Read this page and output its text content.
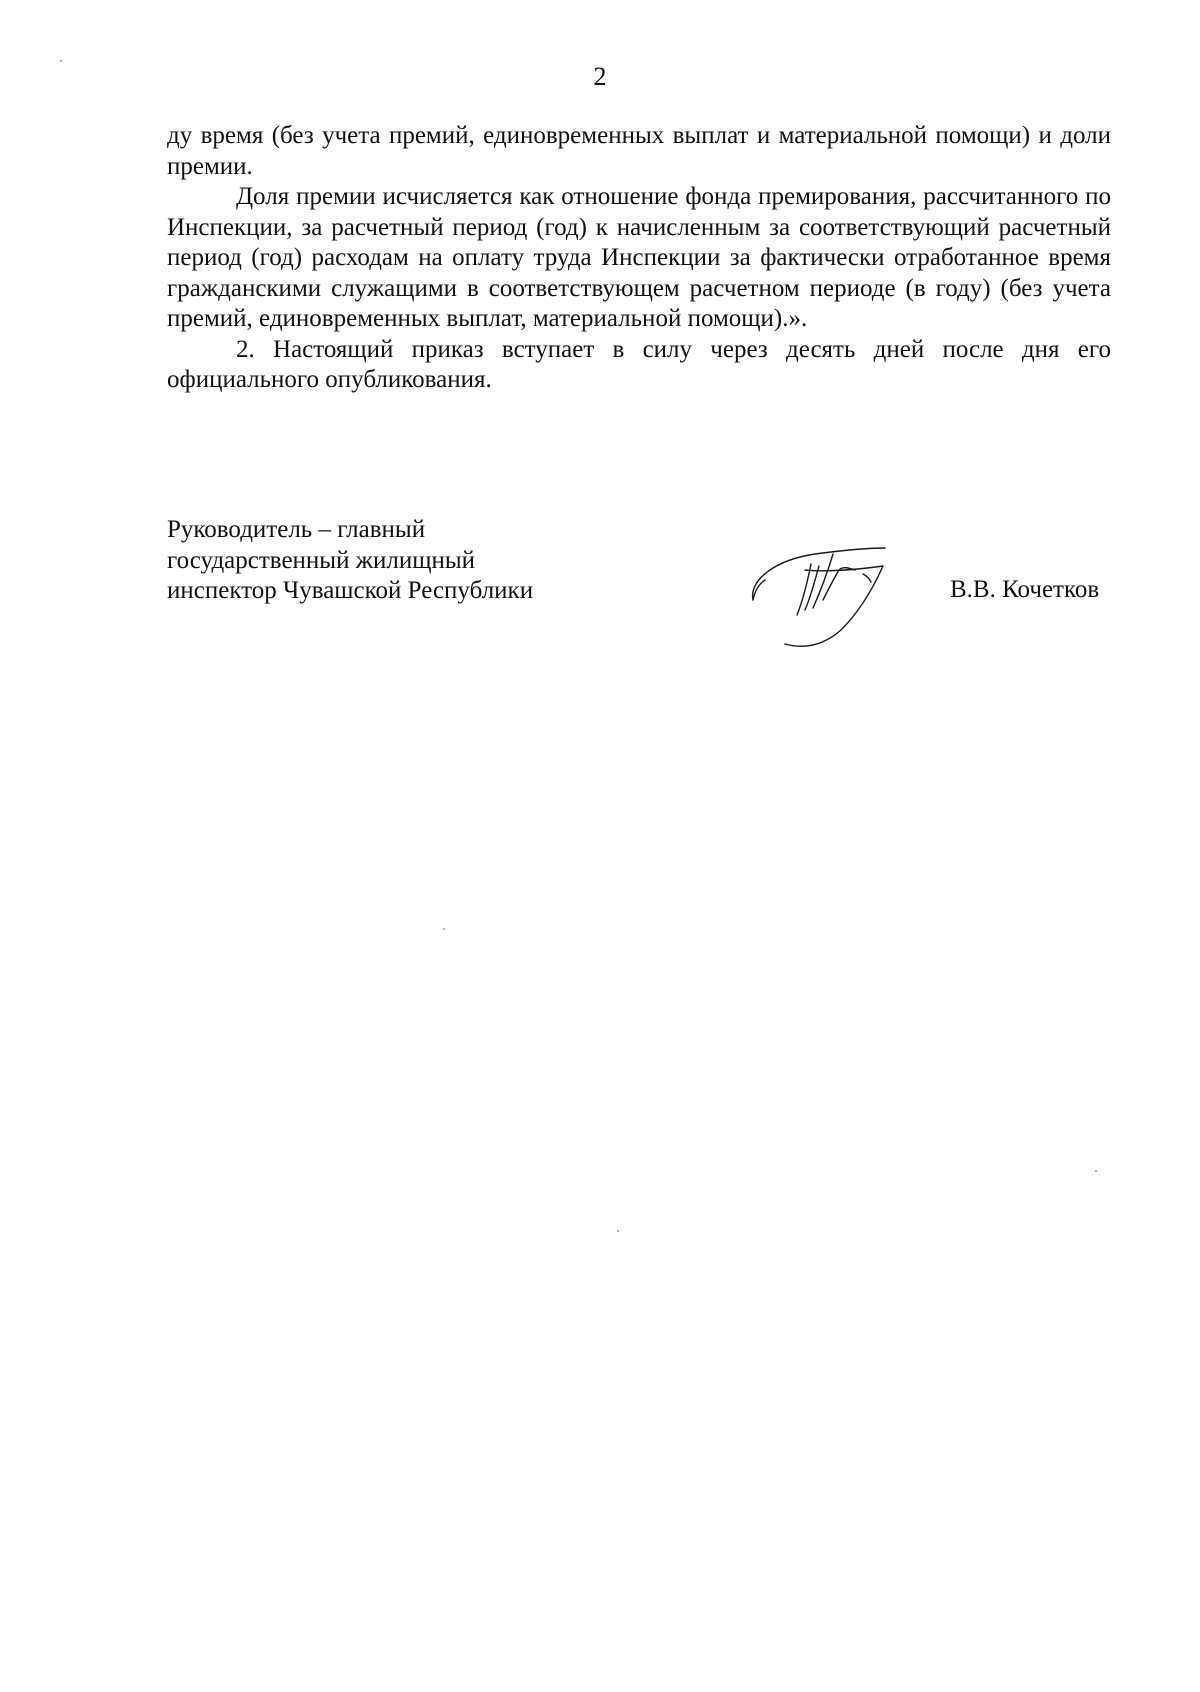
2

ду время (без учета премий, единовременных выплат и материальной помощи) и доли премии.

Доля премии исчисляется как отношение фонда премирования, рассчитанного по Инспекции, за расчетный период (год) к начисленным за соответствующий расчетный период (год) расходам на оплату труда Инспекции за фактически отработанное время гражданскими служащими в соответствующем расчетном периоде (в году) (без учета премий, единовременных выплат, материальной помощи).».

2. Настоящий приказ вступает в силу через десять дней после дня его официального опубликования.

Руководитель – главный
государственный жилищный
инспектор Чувашской Республики	В.В. Кочетков
